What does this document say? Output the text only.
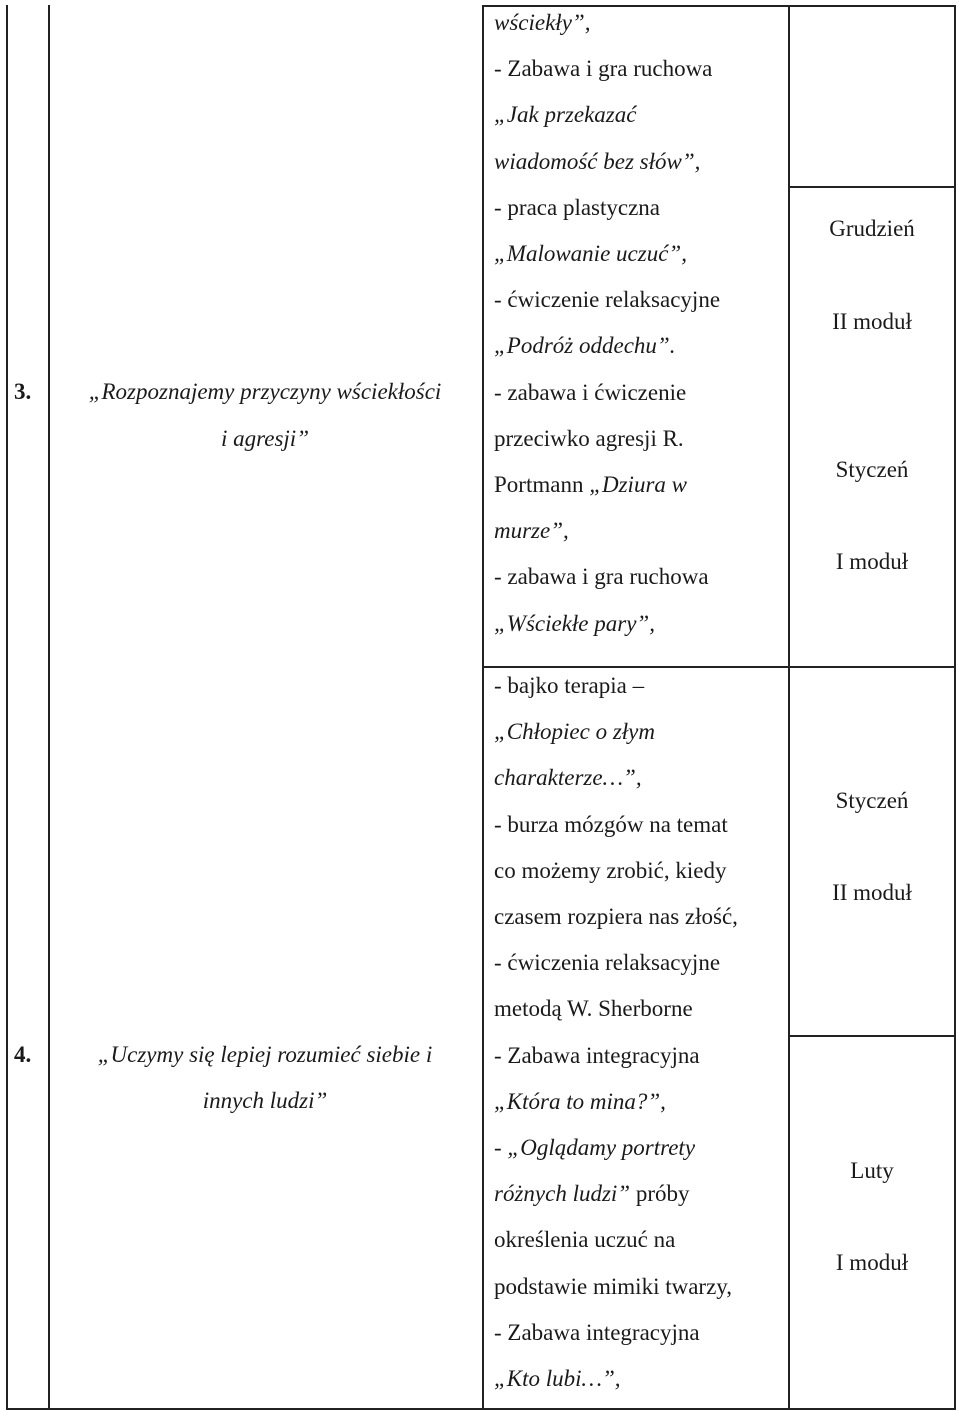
3.	„Rozpoznajemy przyczyny wściekłości
i agresji”
wściekły”,
- Zabawa i gra ruchowa
„Jak przekazać
wiadomość bez słów”,
- praca plastyczna
„Malowanie uczuć”,
- ćwiczenie relaksacyjne
„Podróż oddechu”.
- zabawa i ćwiczenie
przeciwko agresji R.
Portmann „Dziura w
murze”,
- zabawa i gra ruchowa
„Wściekłe pary”,
Grudzień
II moduł
Styczeń
I moduł
4.	„Uczymy się lepiej rozumieć siebie i
innych ludzi”
- bajko terapia –
„Chłopiec o złym
charakterze…”,
- burza mózgów na temat
co możemy zrobić, kiedy
czasem rozpiera nas złość,
- ćwiczenia relaksacyjne
metodą W. Sherborne
- Zabawa integracyjna
„Która to mina?”,
- „Oglądamy portrety
różnych ludzi” próby
określenia uczuć na
podstawie mimiki twarzy,
- Zabawa integracyjna
„Kto lubi…”,
Styczeń
II moduł
Luty
I moduł
